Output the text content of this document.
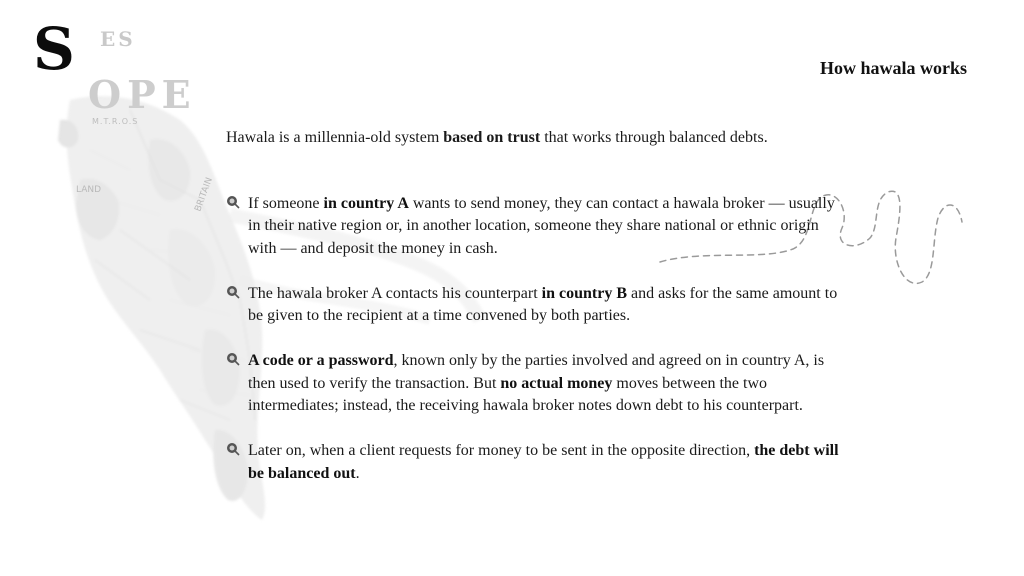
ES
OPE
M.T.R.O.S
LAND	BRITAIN
S	How hawala works

Hawala is a millennia-old system based on trust that works through balanced debts.

If someone in country A wants to send money, they can contact a hawala broker — usually in their native region or, in another location, someone they share national or ethnic origin with — and deposit the money in cash.
The hawala broker A contacts his counterpart in country B and asks for the same amount to be given to the recipient at a time convened by both parties.
A code or a password, known only by the parties involved and agreed on in country A, is then used to verify the transaction. But no actual money moves between the two intermediates; instead, the receiving hawala broker notes down debt to his counterpart.
Later on, when a client requests for money to be sent in the opposite direction, the debt will be balanced out.
